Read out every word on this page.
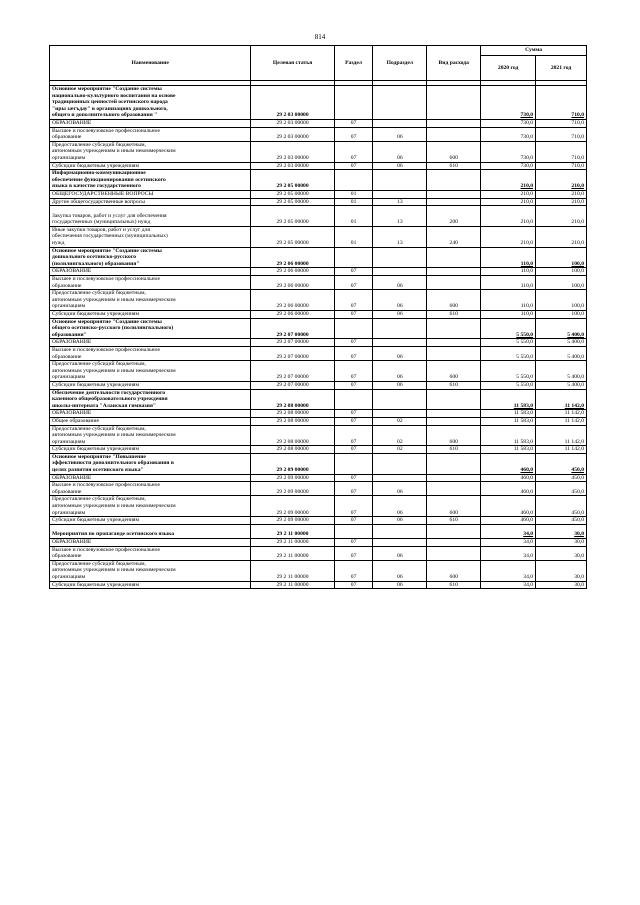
814
Наименование	Целевая статья	Раздел	Подраздел	Вид расхода	Сумма	
					2020 год	2021 год

Основное мероприятие "Создание системы
национально-культурного воспитания на основе
традиционных ценностей осетинского народа
"иры зæгъдау" в организациях дошкольного,
общего и дополнительного образования "	29 2 03 00000				730,0	710,0
ОБРАЗОВАНИЕ	29 2 03 00000	07			730,0	710,0
Высшее и послевузовское профессиональное
образование	29 2 03 00000	07	06		730,0	710,0
Предоставление субсидий бюджетным,
автономным учреждениям и иным некоммерческим
организациям	29 2 03 00000	07	06	600	730,0	710,0
Субсидии бюджетным учреждениям	29 2 03 00000	07	06	610	730,0	710,0
Информационно-коммуникационное
обеспечение функционирования осетинского
языка в качестве государственного	29 2 05 00000				210,0	210,0
ОБЩЕГОСУДАРСТВЕННЫЕ ВОПРОСЫ	29 2 05 00000	01			210,0	210,0
Другие общегосударственные вопросы	29 2 05 00000	01	13		210,0	210,0

Закупка товаров, работ и услуг для обеспечения
государственных (муниципальных) нужд	29 2 05 00000	01	13	200	210,0	210,0
Иные закупки товаров, работ и услуг для
обеспечения государственных (муниципальных)
нужд	29 2 05 00000	01	13	240	210,0	210,0
Основное мероприятие "Создание системы
дошкольного осетинско-русского
(полилингвального) образования"	29 2 06 00000				110,0	100,0
ОБРАЗОВАНИЕ	29 2 06 00000	07			110,0	100,0
Высшее и послевузовское профессиональное
образование	29 2 06 00000	07	06		110,0	100,0
Предоставление субсидий бюджетным,
автономным учреждениям и иным некоммерческим
организациям	29 2 06 00000	07	06	600	110,0	100,0
Субсидии бюджетным учреждениям	29 2 06 00000	07	06	610	110,0	100,0
Основное мероприятие "Создание системы
общего осетинско-русского (полилингвального)
образования"	29 2 07 00000				5 550,0	5 400,0
ОБРАЗОВАНИЕ	29 2 07 00000	07			5 550,0	5 400,0
Высшее и послевузовское профессиональное
образование	29 2 07 00000	07	06		5 550,0	5 400,0
Предоставление субсидий бюджетным,
автономным учреждениям и иным некоммерческим
организациям	29 2 07 00000	07	06	600	5 550,0	5 400,0
Субсидии бюджетным учреждениям	29 2 07 00000	07	06	610	5 550,0	5 400,0
Обеспечение деятельности государственного
казенного общеобразовательного учреждения
школы-интерната "Аланская гимназия"	29 2 08 00000				11 583,0	11 142,0
ОБРАЗОВАНИЕ	29 2 08 00000	07			11 583,0	11 142,0
Общее образование	29 2 08 00000	07	02		11 583,0	11 142,0
Предоставление субсидий бюджетным,
автономным учреждениям и иным некоммерческим
организациям	29 2 08 00000	07	02	600	11 583,0	11 142,0
Субсидии бюджетным учреждениям	29 2 08 00000	07	02	610	11 583,0	11 142,0
Основное мероприятие "Повышение
эффективности дополнительного образования в
целях развития осетинского языка"	29 2 09 00000				460,0	450,0
ОБРАЗОВАНИЕ	29 2 09 00000	07			460,0	450,0
Высшее и послевузовское профессиональное
образование	29 2 09 00000	07	06		460,0	450,0
Предоставление субсидий бюджетным,
автономным учреждениям и иным некоммерческим
организациям	29 2 09 00000	07	06	600	460,0	450,0
Субсидии бюджетным учреждениям	29 2 09 00000	07	06	610	460,0	450,0

Мероприятия по пропаганде осетинского языка	29 2 11 00000				34,0	30,0
ОБРАЗОВАНИЕ	29 2 11 00000	07			34,0	30,0
Высшее и послевузовское профессиональное
образование	29 2 11 00000	07	06		34,0	30,0
Предоставление субсидий бюджетным,
автономным учреждениям и иным некоммерческим
организациям	29 2 11 00000	07	06	600	34,0	30,0
Субсидии бюджетным учреждениям	29 2 11 00000	07	06	610	34,0	30,0
